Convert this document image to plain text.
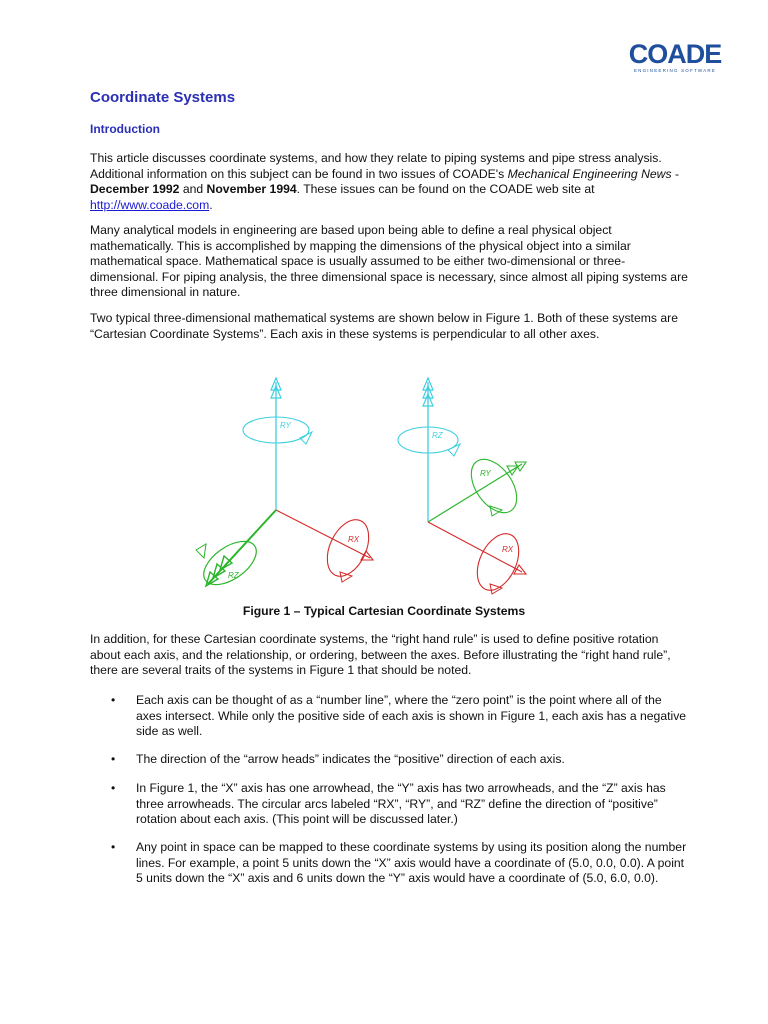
COADE
ENGINEERING SOFTWARE
Coordinate Systems
Introduction

This article discusses coordinate systems, and how they relate to piping systems and pipe stress analysis. Additional information on this subject can be found in two issues of COADE's Mechanical Engineering News - December 1992 and November 1994. These issues can be found on the COADE web site at http://www.coade.com.

Many analytical models in engineering are based upon being able to define a real physical object mathematically. This is accomplished by mapping the dimensions of the physical object into a similar mathematical space. Mathematical space is usually assumed to be either two-dimensional or three-dimensional. For piping analysis, the three dimensional space is necessary, since almost all piping systems are three dimensional in nature.

Two typical three-dimensional mathematical systems are shown below in Figure 1. Both of these systems are “Cartesian Coordinate Systems”. Each axis in these systems is perpendicular to all other axes.

RY
RX
RZ
RZ
RY
RX

Figure 1 – Typical Cartesian Coordinate Systems

In addition, for these Cartesian coordinate systems, the “right hand rule” is used to define positive rotation about each axis, and the relationship, or ordering, between the axes. Before illustrating the “right hand rule”, there are several traits of the systems in Figure 1 that should be noted.

• Each axis can be thought of as a “number line”, where the “zero point” is the point where all of the axes intersect. While only the positive side of each axis is shown in Figure 1, each axis has a negative side as well.

• The direction of the “arrow heads” indicates the “positive” direction of each axis.

• In Figure 1, the “X” axis has one arrowhead, the “Y” axis has two arrowheads, and the “Z” axis has three arrowheads. The circular arcs labeled “RX”, “RY”, and “RZ” define the direction of “positive” rotation about each axis. (This point will be discussed later.)

• Any point in space can be mapped to these coordinate systems by using its position along the number lines. For example, a point 5 units down the “X” axis would have a coordinate of (5.0, 0.0, 0.0). A point 5 units down the “X” axis and 6 units down the “Y” axis would have a coordinate of (5.0, 6.0, 0.0).
